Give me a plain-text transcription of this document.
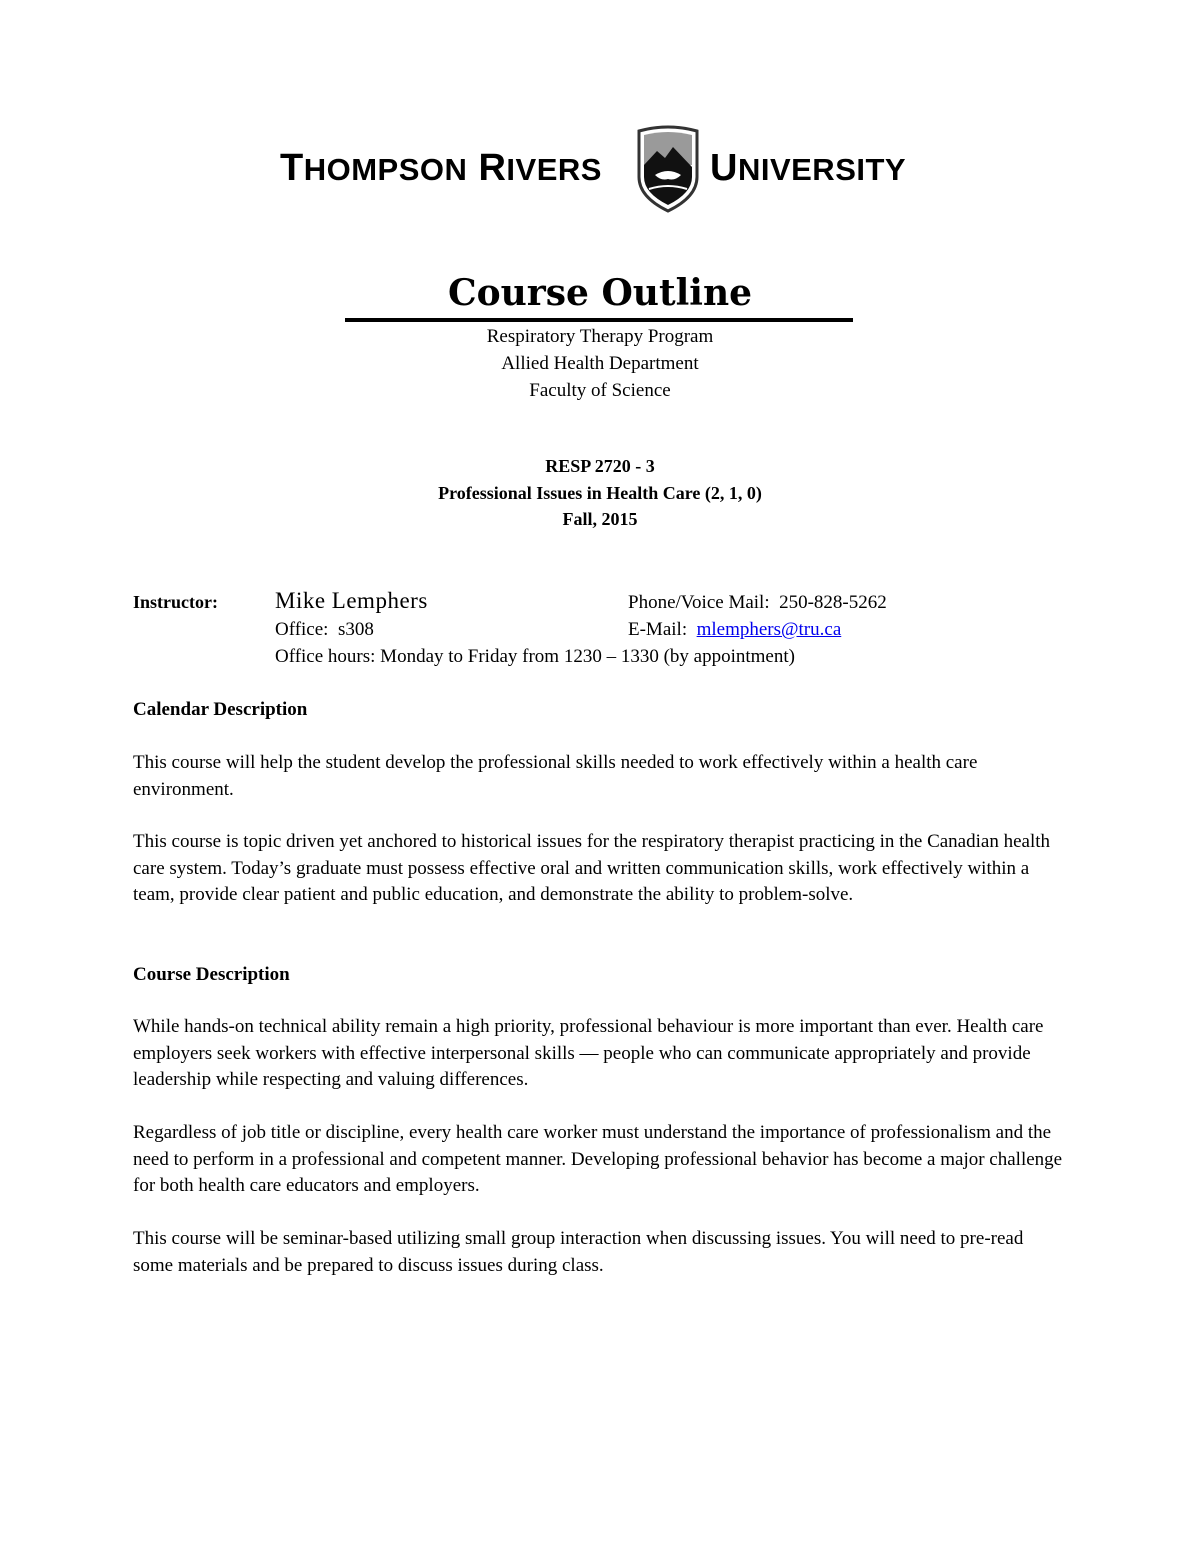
THOMPSON RIVERS	UNIVERSITY
Course Outline
Respiratory Therapy Program
Allied Health Department
Faculty of Science
RESP 2720 - 3
Professional Issues in Health Care (2, 1, 0)
Fall, 2015
Instructor: Mike Lemphers	Phone/Voice Mail: 250-828-5262
Office: s308	E-Mail: mlemphers@tru.ca
Office hours: Monday to Friday from 1230 – 1330 (by appointment)
Calendar Description
This course will help the student develop the professional skills needed to work effectively within a health care environment.
This course is topic driven yet anchored to historical issues for the respiratory therapist practicing in the Canadian health care system. Today’s graduate must possess effective oral and written communication skills, work effectively within a team, provide clear patient and public education, and demonstrate the ability to problem-solve.
Course Description
While hands-on technical ability remain a high priority, professional behaviour is more important than ever. Health care employers seek workers with effective interpersonal skills — people who can communicate appropriately and provide leadership while respecting and valuing differences.
Regardless of job title or discipline, every health care worker must understand the importance of professionalism and the need to perform in a professional and competent manner. Developing professional behavior has become a major challenge for both health care educators and employers.
This course will be seminar-based utilizing small group interaction when discussing issues. You will need to pre-read some materials and be prepared to discuss issues during class.
